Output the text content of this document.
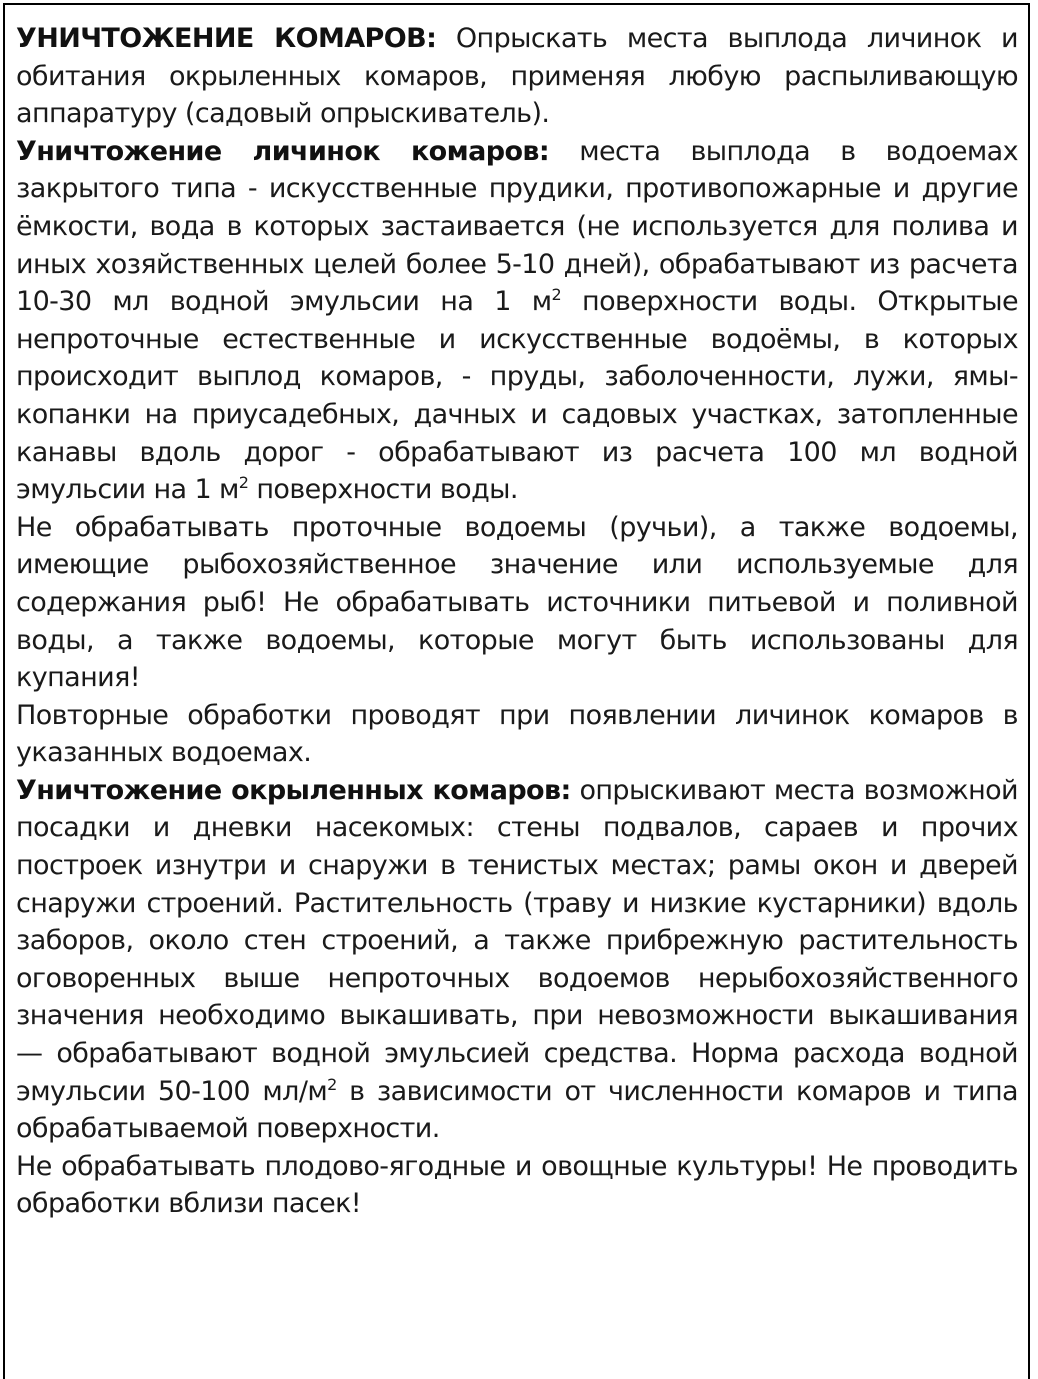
УНИЧТОЖЕНИЕ КОМАРОВ: Опрыскать места выплода личинок и обитания окрыленных комаров, применяя любую распыливающую аппаратуру (садовый опрыскиватель).

Уничтожение личинок комаров: места выплода в водоемах закрытого типа - искусственные прудики, противопожарные и другие ёмкости, вода в которых застаивается (не используется для полива и иных хозяйственных целей более 5-10 дней), обрабатывают из расчета 10-30 мл водной эмульсии на 1 $м^2$ поверхности воды. Открытые непроточные естественные и искусственные водоёмы, в которых происходит выплод комаров, - пруды, заболоченности, лужи, ямы-копанки на приусадебных, дачных и садовых участках, затопленные канавы вдоль дорог - обрабатывают из расчета 100 мл водной эмульсии на 1 $м^2$ поверхности воды.

Не обрабатывать проточные водоемы (ручьи), а также водоемы, имеющие рыбохозяйственное значение или используемые для содержания рыб! Не обрабатывать источники питьевой и поливной воды, а также водоемы, которые могут быть использованы для купания!

Повторные обработки проводят при появлении личинок комаров в указанных водоемах.

Уничтожение окрыленных комаров: опрыскивают места возможной посадки и дневки насекомых: стены подвалов, сараев и прочих построек изнутри и снаружи в тенистых местах; рамы окон и дверей снаружи строений. Растительность (траву и низкие кустарники) вдоль заборов, около стен строений, а также прибрежную растительность оговоренных выше непроточных водоемов нерыбохозяйственного значения необходимо выкашивать, при невозможности выкашивания — обрабатывают водной эмульсией средства. Норма расхода водной эмульсии 50-100 $мл/м^2$ в зависимости от численности комаров и типа обрабатываемой поверхности.

Не обрабатывать плодово-ягодные и овощные культуры! Не проводить обработки вблизи пасек!
